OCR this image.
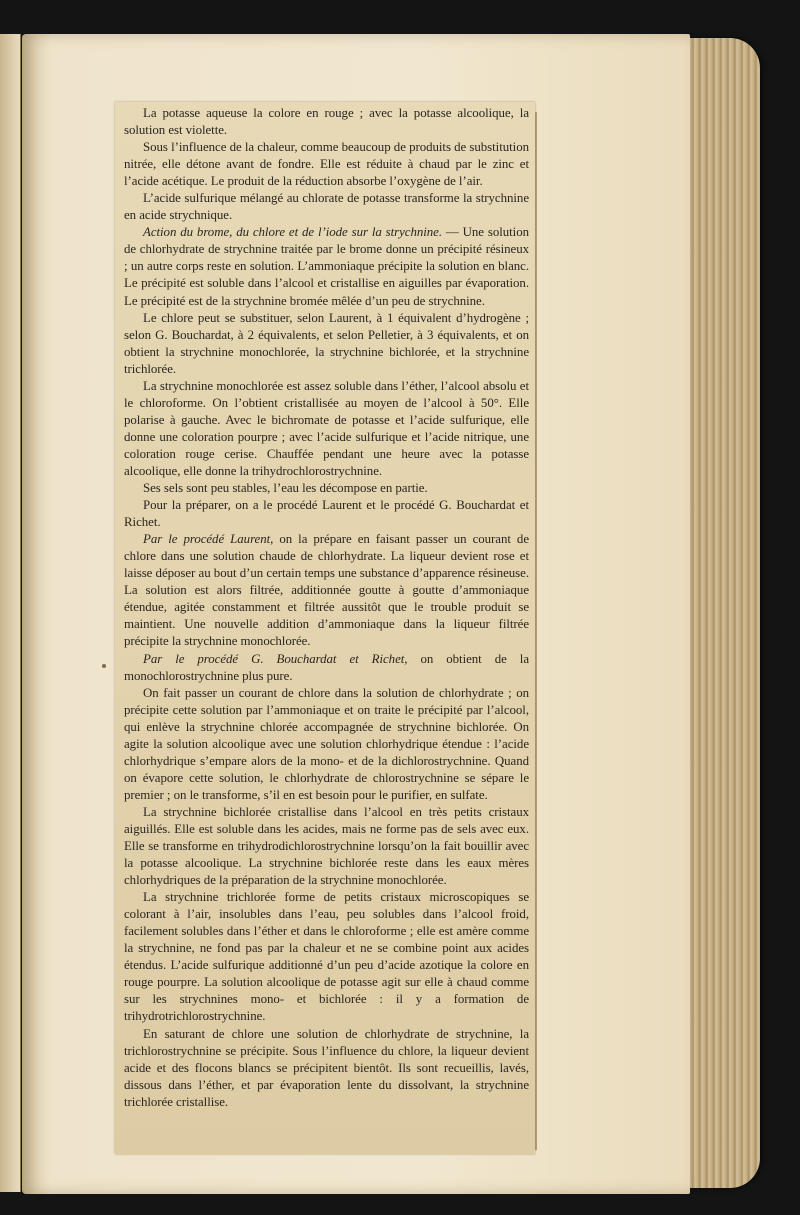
La potasse aqueuse la colore en rouge ; avec la potasse alcoolique, la solution est violette.

Sous l’influence de la chaleur, comme beaucoup de produits de substitution nitrée, elle détone avant de fondre. Elle est réduite à chaud par le zinc et l’acide acétique. Le produit de la réduction absorbe l’oxygène de l’air.

L’acide sulfurique mélangé au chlorate de potasse transforme la strychnine en acide strychnique.

Action du brome, du chlore et de l’iode sur la strychnine. — Une solution de chlorhydrate de strychnine traitée par le brome donne un précipité résineux ; un autre corps reste en solution. L’ammoniaque précipite la solution en blanc. Le précipité est soluble dans l’alcool et cristallise en aiguilles par évaporation. Le précipité est de la strychnine bromée mêlée d’un peu de strychnine.

Le chlore peut se substituer, selon Laurent, à 1 équivalent d’hydrogène ; selon G. Bouchardat, à 2 équivalents, et selon Pelletier, à 3 équivalents, et on obtient la strychnine monochlorée, la strychnine bichlorée, et la strychnine trichlorée.

La strychnine monochlorée est assez soluble dans l’éther, l’alcool absolu et le chloroforme. On l’obtient cristallisée au moyen de l’alcool à 50°. Elle polarise à gauche. Avec le bichromate de potasse et l’acide sulfurique, elle donne une coloration pourpre ; avec l’acide sulfurique et l’acide nitrique, une coloration rouge cerise. Chauffée pendant une heure avec la potasse alcoolique, elle donne la trihydrochlorostrychnine.

Ses sels sont peu stables, l’eau les décompose en partie.

Pour la préparer, on a le procédé Laurent et le procédé G. Bouchardat et Richet.

Par le procédé Laurent, on la prépare en faisant passer un courant de chlore dans une solution chaude de chlorhydrate. La liqueur devient rose et laisse déposer au bout d’un certain temps une substance d’apparence résineuse. La solution est alors filtrée, additionnée goutte à goutte d’ammoniaque étendue, agitée constamment et filtrée aussitôt que le trouble produit se maintient. Une nouvelle addition d’ammoniaque dans la liqueur filtrée précipite la strychnine monochlorée.

Par le procédé G. Bouchardat et Richet, on obtient de la monochlorostrychnine plus pure.

On fait passer un courant de chlore dans la solution de chlorhydrate ; on précipite cette solution par l’ammoniaque et on traite le précipité par l’alcool, qui enlève la strychnine chlorée accompagnée de strychnine bichlorée. On agite la solution alcoolique avec une solution chlorhydrique étendue : l’acide chlorhydrique s’empare alors de la mono- et de la dichlorostrychnine. Quand on évapore cette solution, le chlorhydrate de chlorostrychnine se sépare le premier ; on le transforme, s’il en est besoin pour le purifier, en sulfate.

La strychnine bichlorée cristallise dans l’alcool en très petits cristaux aiguillés. Elle est soluble dans les acides, mais ne forme pas de sels avec eux. Elle se transforme en trihydrodichlorostrychnine lorsqu’on la fait bouillir avec la potasse alcoolique. La strychnine bichlorée reste dans les eaux mères chlorhydriques de la préparation de la strychnine monochlorée.

La strychnine trichlorée forme de petits cristaux microscopiques se colorant à l’air, insolubles dans l’eau, peu solubles dans l’alcool froid, facilement solubles dans l’éther et dans le chloroforme ; elle est amère comme la strychnine, ne fond pas par la chaleur et ne se combine point aux acides étendus. L’acide sulfurique additionné d’un peu d’acide azotique la colore en rouge pourpre. La solution alcoolique de potasse agit sur elle à chaud comme sur les strychnines mono- et bichlorée : il y a formation de trihydrotrichlorostrychnine.

En saturant de chlore une solution de chlorhydrate de strychnine, la trichlorostrychnine se précipite. Sous l’influence du chlore, la liqueur devient acide et des flocons blancs se précipitent bientôt. Ils sont recueillis, lavés, dissous dans l’éther, et par évaporation lente du dissolvant, la strychnine trichlorée cristallise.
